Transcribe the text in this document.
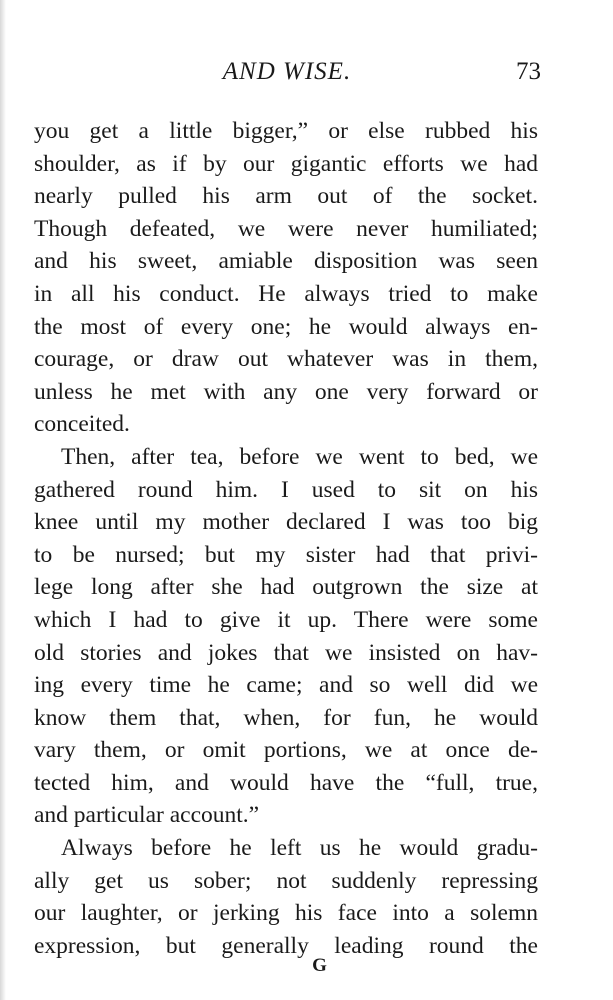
AND WISE.	73
you get a little bigger,” or else rubbed his
shoulder, as if by our gigantic efforts we had
nearly pulled his arm out of the socket.
Though defeated, we were never humiliated;
and his sweet, amiable disposition was seen
in all his conduct. He always tried to make
the most of every one; he would always en-
courage, or draw out whatever was in them,
unless he met with any one very forward or
conceited.
Then, after tea, before we went to bed, we
gathered round him. I used to sit on his
knee until my mother declared I was too big
to be nursed; but my sister had that privi-
lege long after she had outgrown the size at
which I had to give it up. There were some
old stories and jokes that we insisted on hav-
ing every time he came; and so well did we
know them that, when, for fun, he would
vary them, or omit portions, we at once de-
tected him, and would have the “full, true,
and particular account.”
Always before he left us he would gradu-
ally get us sober; not suddenly repressing
our laughter, or jerking his face into a solemn
expression, but generally leading round the
G
